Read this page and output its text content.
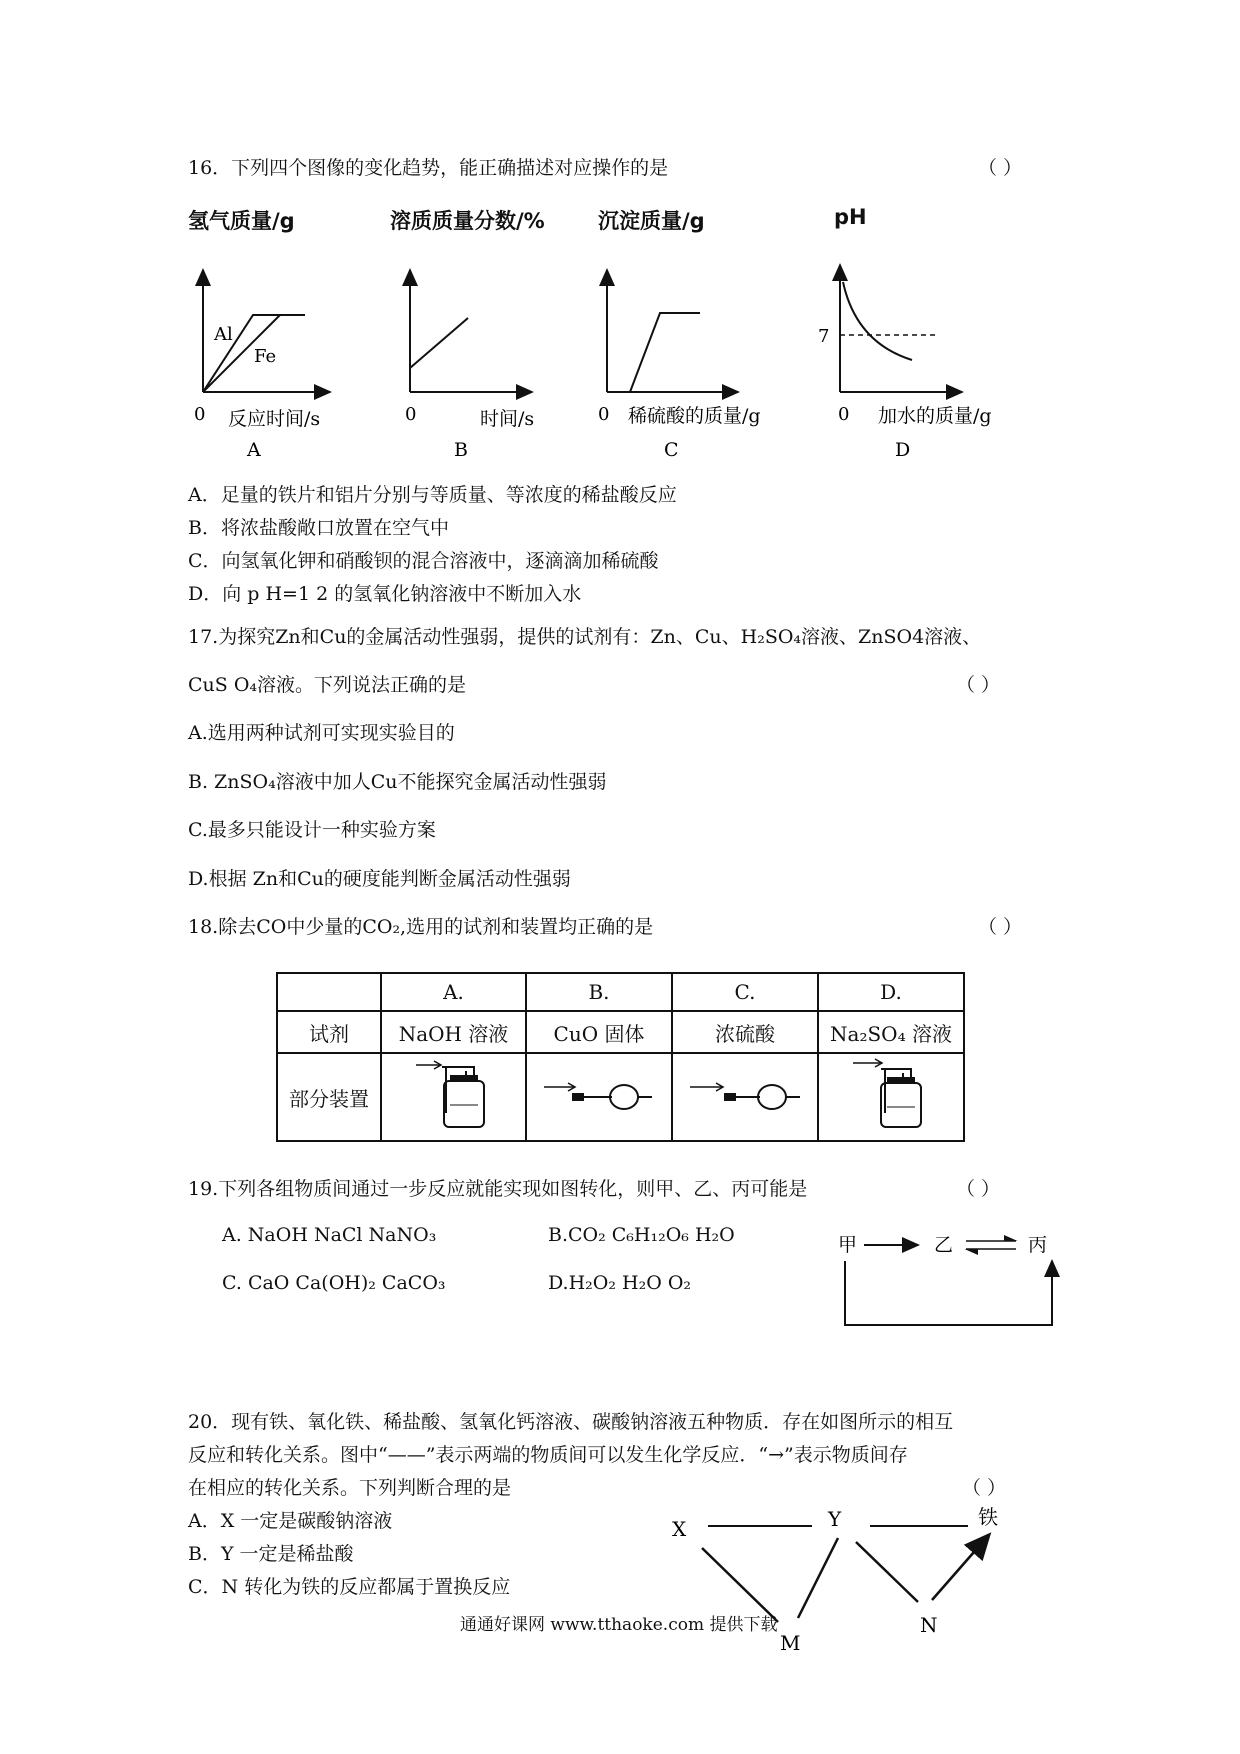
16．下列四个图像的变化趋势，能正确描述对应操作的是	（ ）
氢气质量/g	溶质质量分数/%	沉淀质量/g	pH
Al
Fe
0 反应时间/s
A
0	时间/s
B
0 稀硫酸的质量/g
C
7
0 加水的质量/g
D
A．足量的铁片和铝片分别与等质量、等浓度的稀盐酸反应
B．将浓盐酸敞口放置在空气中
C．向氢氧化钾和硝酸钡的混合溶液中，逐滴滴加稀硫酸
D．向 p H=1 2 的氢氧化钠溶液中不断加入水
17.为探究Zn和Cu的金属活动性强弱，提供的试剂有：Zn、Cu、H₂SO₄溶液、ZnSO4溶液、
CuS O₄溶液。下列说法正确的是	（ ）
A.选用两种试剂可实现实验目的
B. ZnSO₄溶液中加人Cu不能探究金属活动性强弱
C.最多只能设计一种实验方案
D.根据 Zn和Cu的硬度能判断金属活动性强弱
18.除去CO中少量的CO₂,选用的试剂和装置均正确的是	（ ）
	A.	B.	C.	D.
试剂	NaOH 溶液	CuO 固体	浓硫酸	Na₂SO₄ 溶液
部分装置				
19.下列各组物质间通过一步反应就能实现如图转化，则甲、乙、丙可能是	（ ）
A. NaOH NaCl NaNO₃	B.CO₂ C₆H₁₂O₆ H₂O
C. CaO Ca(OH)₂ CaCO₃	D.H₂O₂ H₂O O₂
甲	乙	丙
20．现有铁、氧化铁、稀盐酸、氢氧化钙溶液、碳酸钠溶液五种物质．存在如图所示的相互
反应和转化关系。图中“——”表示两端的物质间可以发生化学反应．“→”表示物质间存
在相应的转化关系。下列判断合理的是	（ ）
A．X 一定是碳酸钠溶液
B．Y 一定是稀盐酸
C．N 转化为铁的反应都属于置换反应
X	Y	铁
M
N
通通好课网 www.tthaoke.com 提供下载
